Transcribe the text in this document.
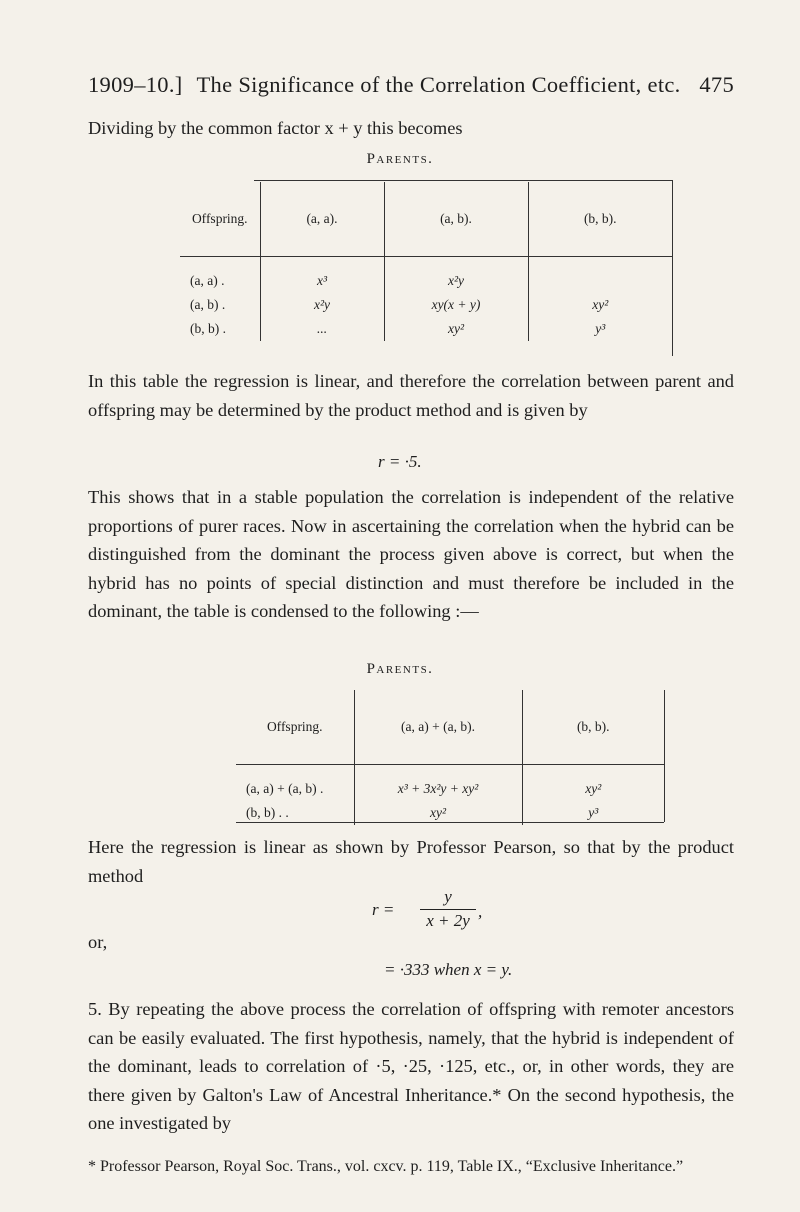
1909–10.] The Significance of the Correlation Coefficient, etc. 475

Dividing by the common factor x + y this becomes

Parents.
Offspring.	(a, a).	(a, b).	(b, b).
(a, a) .	x³	x²y	
(a, b) .	x²y	xy(x + y)	xy²
(b, b) .	...	xy²	y³

In this table the regression is linear, and therefore the correlation between parent and offspring may be determined by the product method and is given by

r = ·5.

This shows that in a stable population the correlation is independent of the relative proportions of purer races. Now in ascertaining the correlation when the hybrid can be distinguished from the dominant the process given above is correct, but when the hybrid has no points of special distinction and must therefore be included in the dominant, the table is condensed to the following :—

Parents.
Offspring.	(a, a) + (a, b).	(b, b).
(a, a) + (a, b) .	x³ + 3x²y + xy²	xy²
(b, b) . .	xy²	y³

Here the regression is linear as shown by Professor Pearson, so that by the product method

r =
y
x + 2y ,
or,
= ·333 when x = y.

5. By repeating the above process the correlation of offspring with remoter ancestors can be easily evaluated. The first hypothesis, namely, that the hybrid is independent of the dominant, leads to correlation of ·5, ·25, ·125, etc., or, in other words, they are there given by Galton's Law of Ancestral Inheritance.* On the second hypothesis, the one investigated by

* Professor Pearson, Royal Soc. Trans., vol. cxcv. p. 119, Table IX., “Exclusive Inheritance.”
